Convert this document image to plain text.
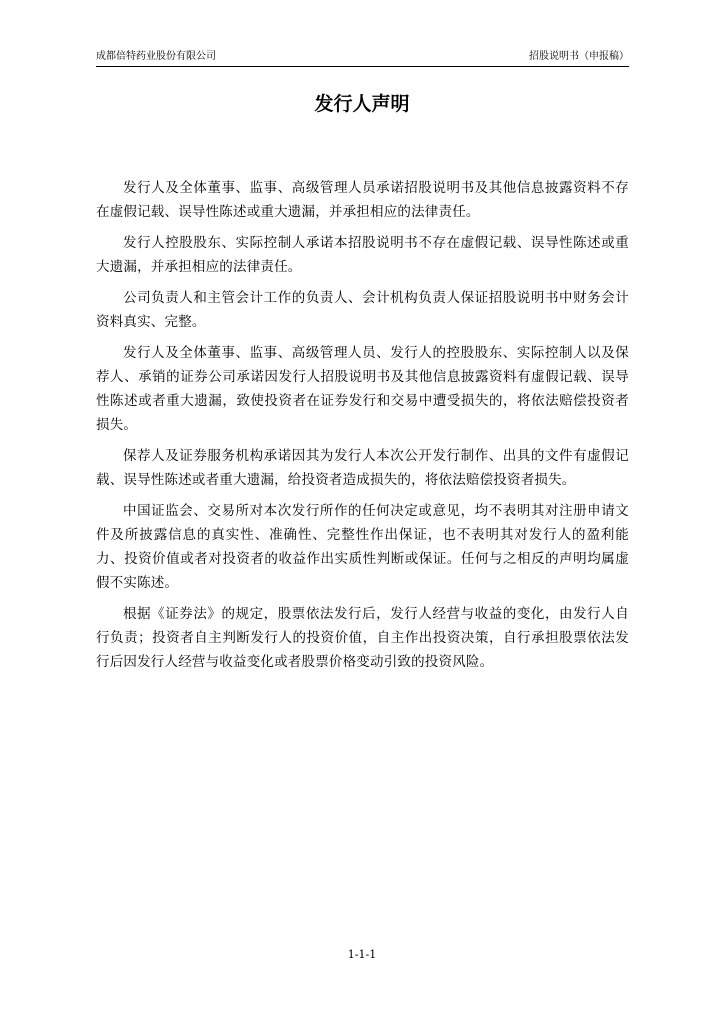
成都倍特药业股份有限公司	招股说明书（申报稿）
发行人声明

发行人及全体董事、监事、高级管理人员承诺招股说明书及其他信息披露资料不存在虚假记载、误导性陈述或重大遗漏，并承担相应的法律责任。

发行人控股股东、实际控制人承诺本招股说明书不存在虚假记载、误导性陈述或重大遗漏，并承担相应的法律责任。

公司负责人和主管会计工作的负责人、会计机构负责人保证招股说明书中财务会计资料真实、完整。

发行人及全体董事、监事、高级管理人员、发行人的控股股东、实际控制人以及保荐人、承销的证券公司承诺因发行人招股说明书及其他信息披露资料有虚假记载、误导性陈述或者重大遗漏，致使投资者在证券发行和交易中遭受损失的，将依法赔偿投资者损失。

保荐人及证券服务机构承诺因其为发行人本次公开发行制作、出具的文件有虚假记载、误导性陈述或者重大遗漏，给投资者造成损失的，将依法赔偿投资者损失。

中国证监会、交易所对本次发行所作的任何决定或意见，均不表明其对注册申请文件及所披露信息的真实性、准确性、完整性作出保证，也不表明其对发行人的盈利能力、投资价值或者对投资者的收益作出实质性判断或保证。任何与之相反的声明均属虚假不实陈述。

根据《证券法》的规定，股票依法发行后，发行人经营与收益的变化，由发行人自行负责；投资者自主判断发行人的投资价值，自主作出投资决策，自行承担股票依法发行后因发行人经营与收益变化或者股票价格变动引致的投资风险。

1-1-1
